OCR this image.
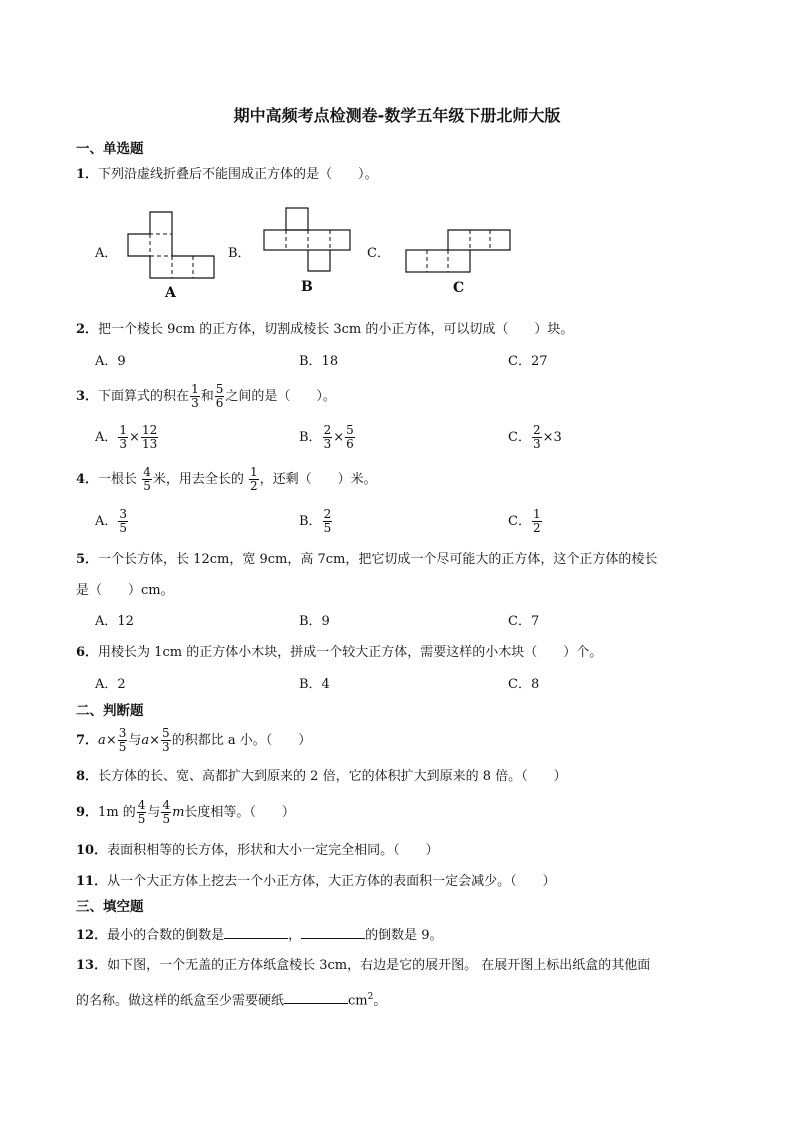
期中高频考点检测卷-数学五年级下册北师大版
一、单选题
1．下列沿虚线折叠后不能围成正方体的是（　　）。
A．	B．	C．
A	B	C
2．把一个棱长 9cm 的正方体，切割成棱长 3cm 的小正方体，可以切成（　　）块。
A．9	B．18	C．27
3．下面算式的积在 $\frac{1}{3}$ 和 $\frac{5}{6}$ 之间的是（　　）。
A． $\frac{1}{3} \times \frac{12}{13}$	B． $\frac{2}{3} \times \frac{5}{6}$	C． $\frac{2}{3} \times 3$
4．一根长 $\frac{4}{5}$ 米，用去全长的 $\frac{1}{2}$ ，还剩（　　）米。
A． $\frac{3}{5}$	B． $\frac{2}{5}$	C． $\frac{1}{2}$
5．一个长方体，长 12cm，宽 9cm，高 7cm，把它切成一个尽可能大的正方体，这个正方体的棱长
是（　　）cm。
A．12	B．9	C．7
6．用棱长为 1cm 的正方体小木块，拼成一个较大正方体，需要这样的小木块（　　）个。
A．2	B．4	C．8
二、判断题
7．$a\times \frac{3}{5}$ 与$a\times \frac{5}{3}$ 的积都比 a 小。（　　）
8．长方体的长、宽、高都扩大到原来的 2 倍，它的体积扩大到原来的 8 倍。（　　）
9．1m 的 $\frac{4}{5}$ 与 $\frac{4}{5}$ m长度相等。（　　）
10．表面积相等的长方体，形状和大小一定完全相同。（　　）
11．从一个大正方体上挖去一个小正方体，大正方体的表面积一定会减少。（　　）
三、填空题
12．最小的合数的倒数是	，	的倒数是 9。
13．如下图，一个无盖的正方体纸盒棱长 3cm，右边是它的展开图。 在展开图上标出纸盒的其他面
的名称。做这样的纸盒至少需要硬纸	$cm^2$。
